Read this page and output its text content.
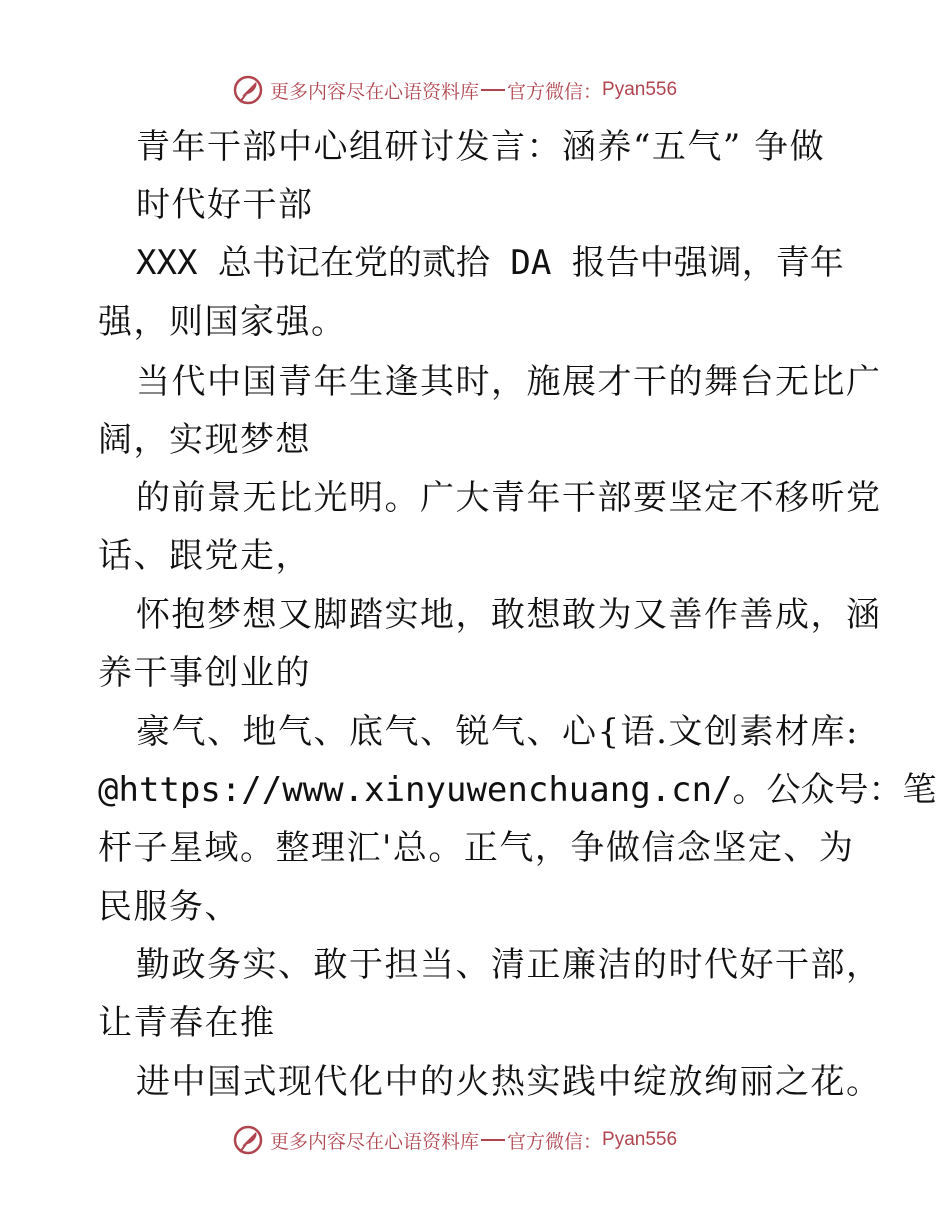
更多内容尽在心语资料库 官方微信： Pyan556
青年干部中心组研讨发言：涵养“五气” 争做
时代好干部
XXX 总书记在党的贰拾 DA 报告中强调，青年
强，则国家强。
当代中国青年生逢其时，施展才干的舞台无比广
阔，实现梦想
的前景无比光明。广大青年干部要坚定不移听党
话、跟党走，
怀抱梦想又脚踏实地，敢想敢为又善作善成，涵
养干事创业的
豪气、地气、底气、锐气、心{语.文创素材库:
@https://www.xinyuwenchuang.cn/。公众号：笔
杆子星域。整理汇'总。正气，争做信念坚定、为
民服务、
勤政务实、敢于担当、清正廉洁的时代好干部，
让青春在推
进中国式现代化中的火热实践中绽放绚丽之花。
更多内容尽在心语资料库 官方微信： Pyan556
